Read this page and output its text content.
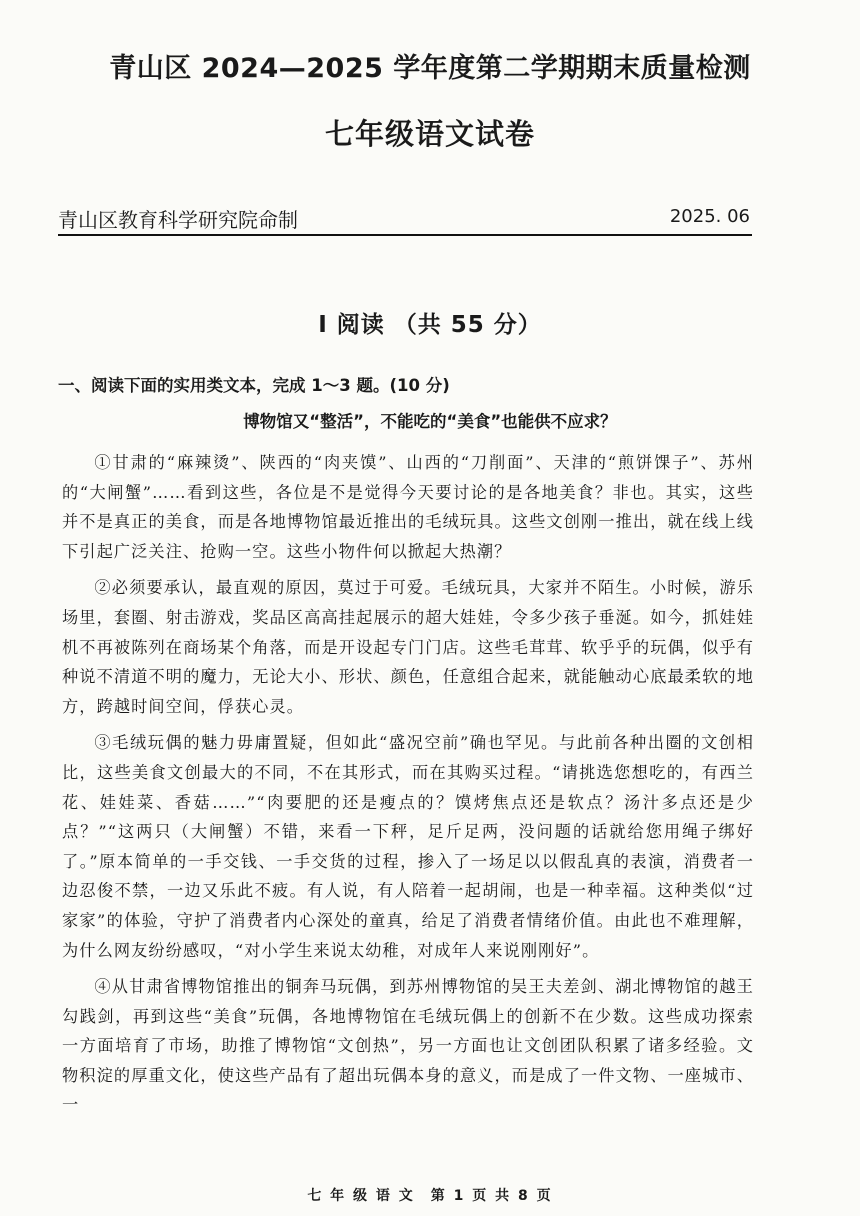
青山区 2024—2025 学年度第二学期期末质量检测
七年级语文试卷
青山区教育科学研究院命制	2025. 06
I 阅读 （共 55 分）
一、阅读下面的实用类文本，完成 1～3 题。(10 分)
博物馆又“整活”，不能吃的“美食”也能供不应求？

①甘肃的“麻辣烫”、陕西的“肉夹馍”、山西的“刀削面”、天津的“煎饼馃子”、苏州的“大闸蟹”……看到这些，各位是不是觉得今天要讨论的是各地美食？非也。其实，这些并不是真正的美食，而是各地博物馆最近推出的毛绒玩具。这些文创刚一推出，就在线上线下引起广泛关注、抢购一空。这些小物件何以掀起大热潮？

②必须要承认，最直观的原因，莫过于可爱。毛绒玩具，大家并不陌生。小时候，游乐场里，套圈、射击游戏，奖品区高高挂起展示的超大娃娃，令多少孩子垂涎。如今，抓娃娃机不再被陈列在商场某个角落，而是开设起专门门店。这些毛茸茸、软乎乎的玩偶，似乎有种说不清道不明的魔力，无论大小、形状、颜色，任意组合起来，就能触动心底最柔软的地方，跨越时间空间，俘获心灵。

③毛绒玩偶的魅力毋庸置疑，但如此“盛况空前”确也罕见。与此前各种出圈的文创相比，这些美食文创最大的不同，不在其形式，而在其购买过程。“请挑选您想吃的，有西兰花、娃娃菜、香菇……”“肉要肥的还是瘦点的？馍烤焦点还是软点？汤汁多点还是少点？”“这两只（大闸蟹）不错，来看一下秤，足斤足两，没问题的话就给您用绳子绑好了。”原本简单的一手交钱、一手交货的过程，掺入了一场足以以假乱真的表演，消费者一边忍俊不禁，一边又乐此不疲。有人说，有人陪着一起胡闹，也是一种幸福。这种类似“过家家”的体验，守护了消费者内心深处的童真，给足了消费者情绪价值。由此也不难理解，为什么网友纷纷感叹，“对小学生来说太幼稚，对成年人来说刚刚好”。

④从甘肃省博物馆推出的铜奔马玩偶，到苏州博物馆的吴王夫差剑、湖北博物馆的越王勾践剑，再到这些“美食”玩偶，各地博物馆在毛绒玩偶上的创新不在少数。这些成功探索一方面培育了市场，助推了博物馆“文创热”，另一方面也让文创团队积累了诸多经验。文物积淀的厚重文化，使这些产品有了超出玩偶本身的意义，而是成了一件文物、一座城市、一

七 年 级 语 文　第 1 页 共 8 页
